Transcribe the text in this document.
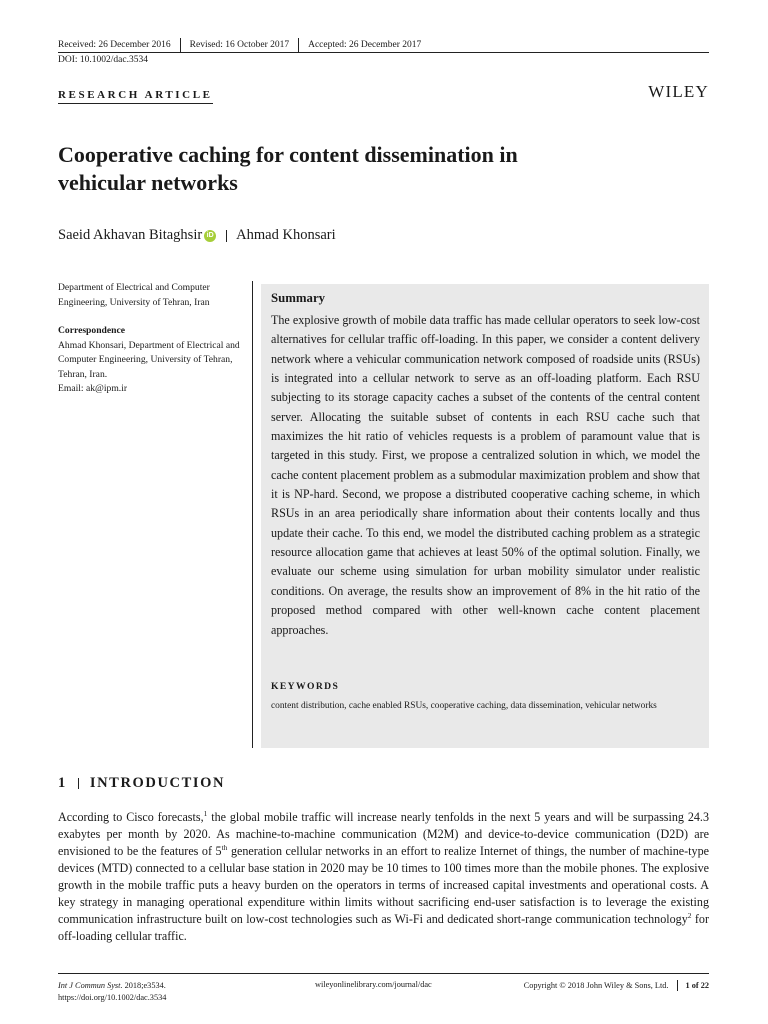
Received: 26 December 2016 Revised: 16 October 2017 Accepted: 26 December 2017
DOI: 10.1002/dac.3534
RESEARCH ARTICLE	WILEY
Cooperative caching for content dissemination in
vehicular networks
Saeid Akhavan Bitaghsir iD Ahmad Khonsari
Department of Electrical and Computer Engineering, University of Tehran, Iran
Correspondence
Ahmad Khonsari, Department of Electrical and Computer Engineering, University of Tehran, Tehran, Iran.
Email: ak@ipm.ir
Summary
The explosive growth of mobile data traffic has made cellular operators to seek low-cost alternatives for cellular traffic off-loading. In this paper, we consider a content delivery network where a vehicular communication network composed of roadside units (RSUs) is integrated into a cellular network to serve as an off-loading platform. Each RSU subjecting to its storage capacity caches a subset of the contents of the central content server. Allocating the suitable subset of contents in each RSU cache such that maximizes the hit ratio of vehicles requests is a problem of paramount value that is targeted in this study. First, we propose a centralized solution in which, we model the cache content placement problem as a submodular maximization problem and show that it is NP-hard. Second, we propose a distributed cooperative caching scheme, in which RSUs in an area periodically share information about their contents locally and thus update their cache. To this end, we model the distributed caching problem as a strategic resource allocation game that achieves at least 50% of the optimal solution. Finally, we evaluate our scheme using simulation for urban mobility simulator under realistic conditions. On average, the results show an improvement of 8% in the hit ratio of the proposed method compared with other well-known cache content placement approaches.
KEYWORDS
content distribution, cache enabled RSUs, cooperative caching, data dissemination, vehicular networks
1 INTRODUCTION
According to Cisco forecasts,$^1$ the global mobile traffic will increase nearly tenfolds in the next 5 years and will be surpassing 24.3 exabytes per month by 2020. As machine-to-machine communication (M2M) and device-to-device communication (D2D) are envisioned to be the features of 5th generation cellular networks in an effort to realize Internet of things, the number of machine-type devices (MTD) connected to a cellular base station in 2020 may be 10 times to 100 times more than the mobile phones. The explosive growth in the mobile traffic puts a heavy burden on the operators in terms of increased capital investments and operational costs. A key strategy in managing operational expenditure within limits without sacrificing end-user satisfaction is to leverage the existing communication infrastructure built on low-cost technologies such as Wi-Fi and dedicated short-range communication technology$^2$ for off-loading cellular traffic.
Int J Commun Syst. 2018;e3534.
https://doi.org/10.1002/dac.3534
wileyonlinelibrary.com/journal/dac	Copyright © 2018 John Wiley & Sons, Ltd. 1 of 22
